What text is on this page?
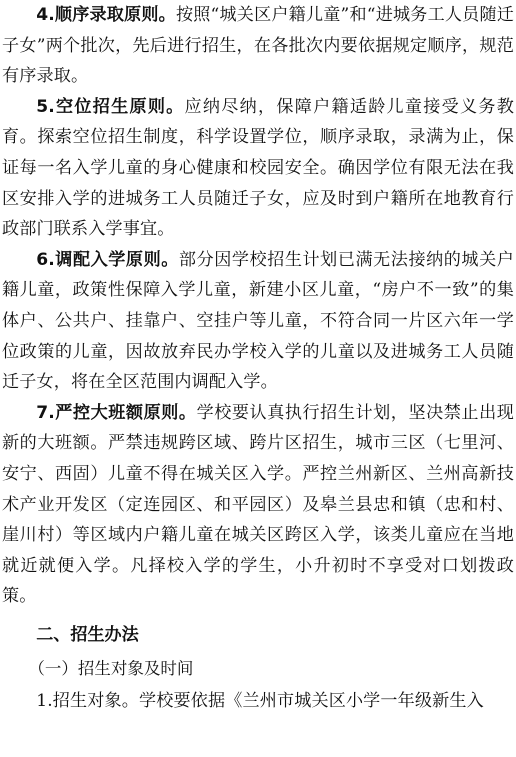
4.顺序录取原则。按照“城关区户籍儿童”和“进城务工人员随迁子女”两个批次，先后进行招生，在各批次内要依据规定顺序，规范有序录取。

5.空位招生原则。应纳尽纳，保障户籍适龄儿童接受义务教育。探索空位招生制度，科学设置学位，顺序录取，录满为止，保证每一名入学儿童的身心健康和校园安全。确因学位有限无法在我区安排入学的进城务工人员随迁子女，应及时到户籍所在地教育行政部门联系入学事宜。

6.调配入学原则。部分因学校招生计划已满无法接纳的城关户籍儿童，政策性保障入学儿童，新建小区儿童，“房户不一致”的集体户、公共户、挂靠户、空挂户等儿童，不符合同一片区六年一学位政策的儿童，因故放弃民办学校入学的儿童以及进城务工人员随迁子女，将在全区范围内调配入学。

7.严控大班额原则。学校要认真执行招生计划，坚决禁止出现新的大班额。严禁违规跨区域、跨片区招生，城市三区（七里河、安宁、西固）儿童不得在城关区入学。严控兰州新区、兰州高新技术产业开发区（定连园区、和平园区）及皋兰县忠和镇（忠和村、崖川村）等区域内户籍儿童在城关区跨区入学，该类儿童应在当地就近就便入学。凡择校入学的学生，小升初时不享受对口划拨政策。

二、招生办法

（一）招生对象及时间

1.招生对象。学校要依据《兰州市城关区小学一年级新生入
